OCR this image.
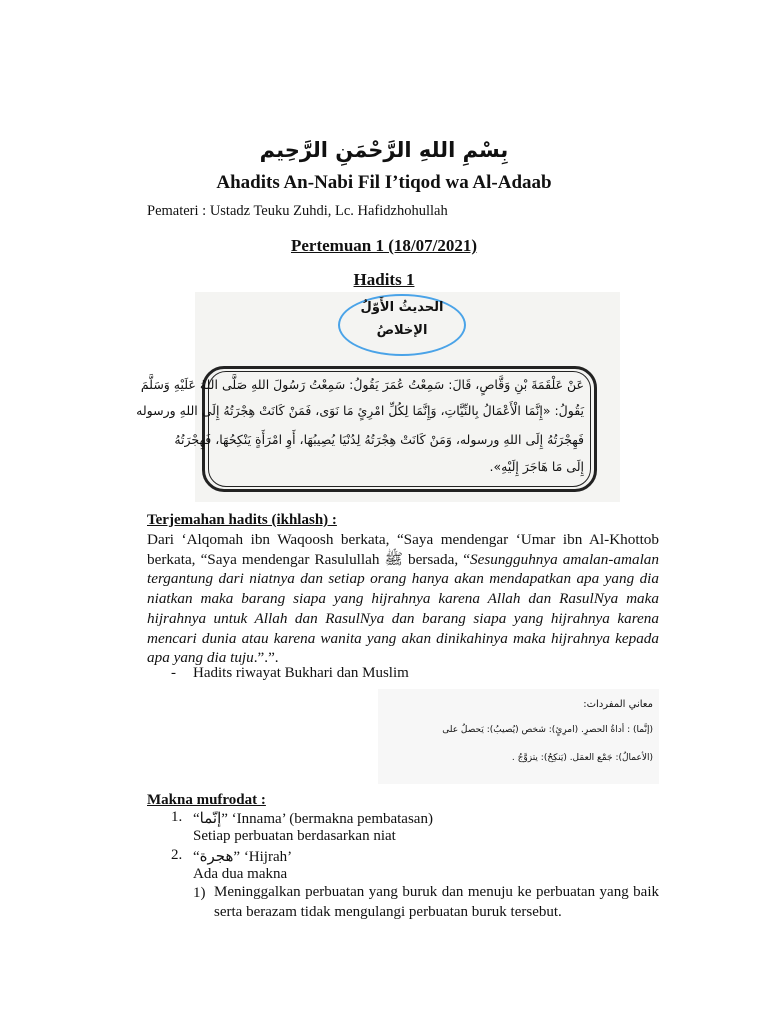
بِسْمِ اللهِ الرَّحْمَنِ الرَّحِيم
Ahadits An-Nabi Fil I’tiqod wa Al-Adaab
Pemateri : Ustadz Teuku Zuhdi, Lc. Hafidzhohullah
Pertemuan 1 (18/07/2021)
Hadits 1
الحديثُ الأَوّلُ
الإخلاصُ
عَنْ عَلْقَمَةَ بْنِ وَقَّاصٍ، قَالَ: سَمِعْتُ عُمَرَ يَقُولُ: سَمِعْتُ رَسُولَ اللهِ صَلَّى اللهُ عَلَيْهِ وَسَلَّمَ
يَقُولُ: «إِنَّمَا الْأَعْمَالُ بِالنِّيَّاتِ، وَإِنَّمَا لِكُلِّ امْرِئٍ مَا نَوَى، فَمَنْ كَانَتْ هِجْرَتُهُ إِلَى اللهِ ورسوله
فَهِجْرَتُهُ إِلَى اللهِ ورسوله، وَمَنْ كَانَتْ هِجْرَتُهُ لِدُنْيَا يُصِيبُهَا، أَوِ امْرَأَةٍ يَنْكِحُهَا، فَهِجْرَتُهُ
إِلَى مَا هَاجَرَ إِلَيْهِ».
Terjemahan hadits (ikhlash) :
Dari ‘Alqomah ibn Waqoosh berkata, “Saya mendengar ‘Umar ibn Al-Khottob berkata, “Saya mendengar Rasulullah ﷺ bersada, “Sesungguhnya amalan-amalan tergantung dari niatnya dan setiap orang hanya akan mendapatkan apa yang dia niatkan maka barang siapa yang hijrahnya karena Allah dan RasulNya maka hijrahnya untuk Allah dan RasulNya dan barang siapa yang hijrahnya karena mencari dunia atau karena wanita yang akan dinikahinya maka hijrahnya kepada apa yang dia tuju.”.”.
- Hadits riwayat Bukhari dan Muslim
معاني المفردات:
(إنَّما) : أداةُ الحصرِ. (امرِئٍ): شخص (يُصيبُ): يَحصلُ على
(الأعمالُ): جَمْع العمَل. (يَنكِحُ): يتزوَّجُ .
Makna mufrodat :
1. “إنّما” ‘Innama’ (bermakna pembatasan)
Setiap perbuatan berdasarkan niat
2. “هجرة” ‘Hijrah’
Ada dua makna
1) Meninggalkan perbuatan yang buruk dan menuju ke perbuatan yang baik serta berazam tidak mengulangi perbuatan buruk tersebut.
